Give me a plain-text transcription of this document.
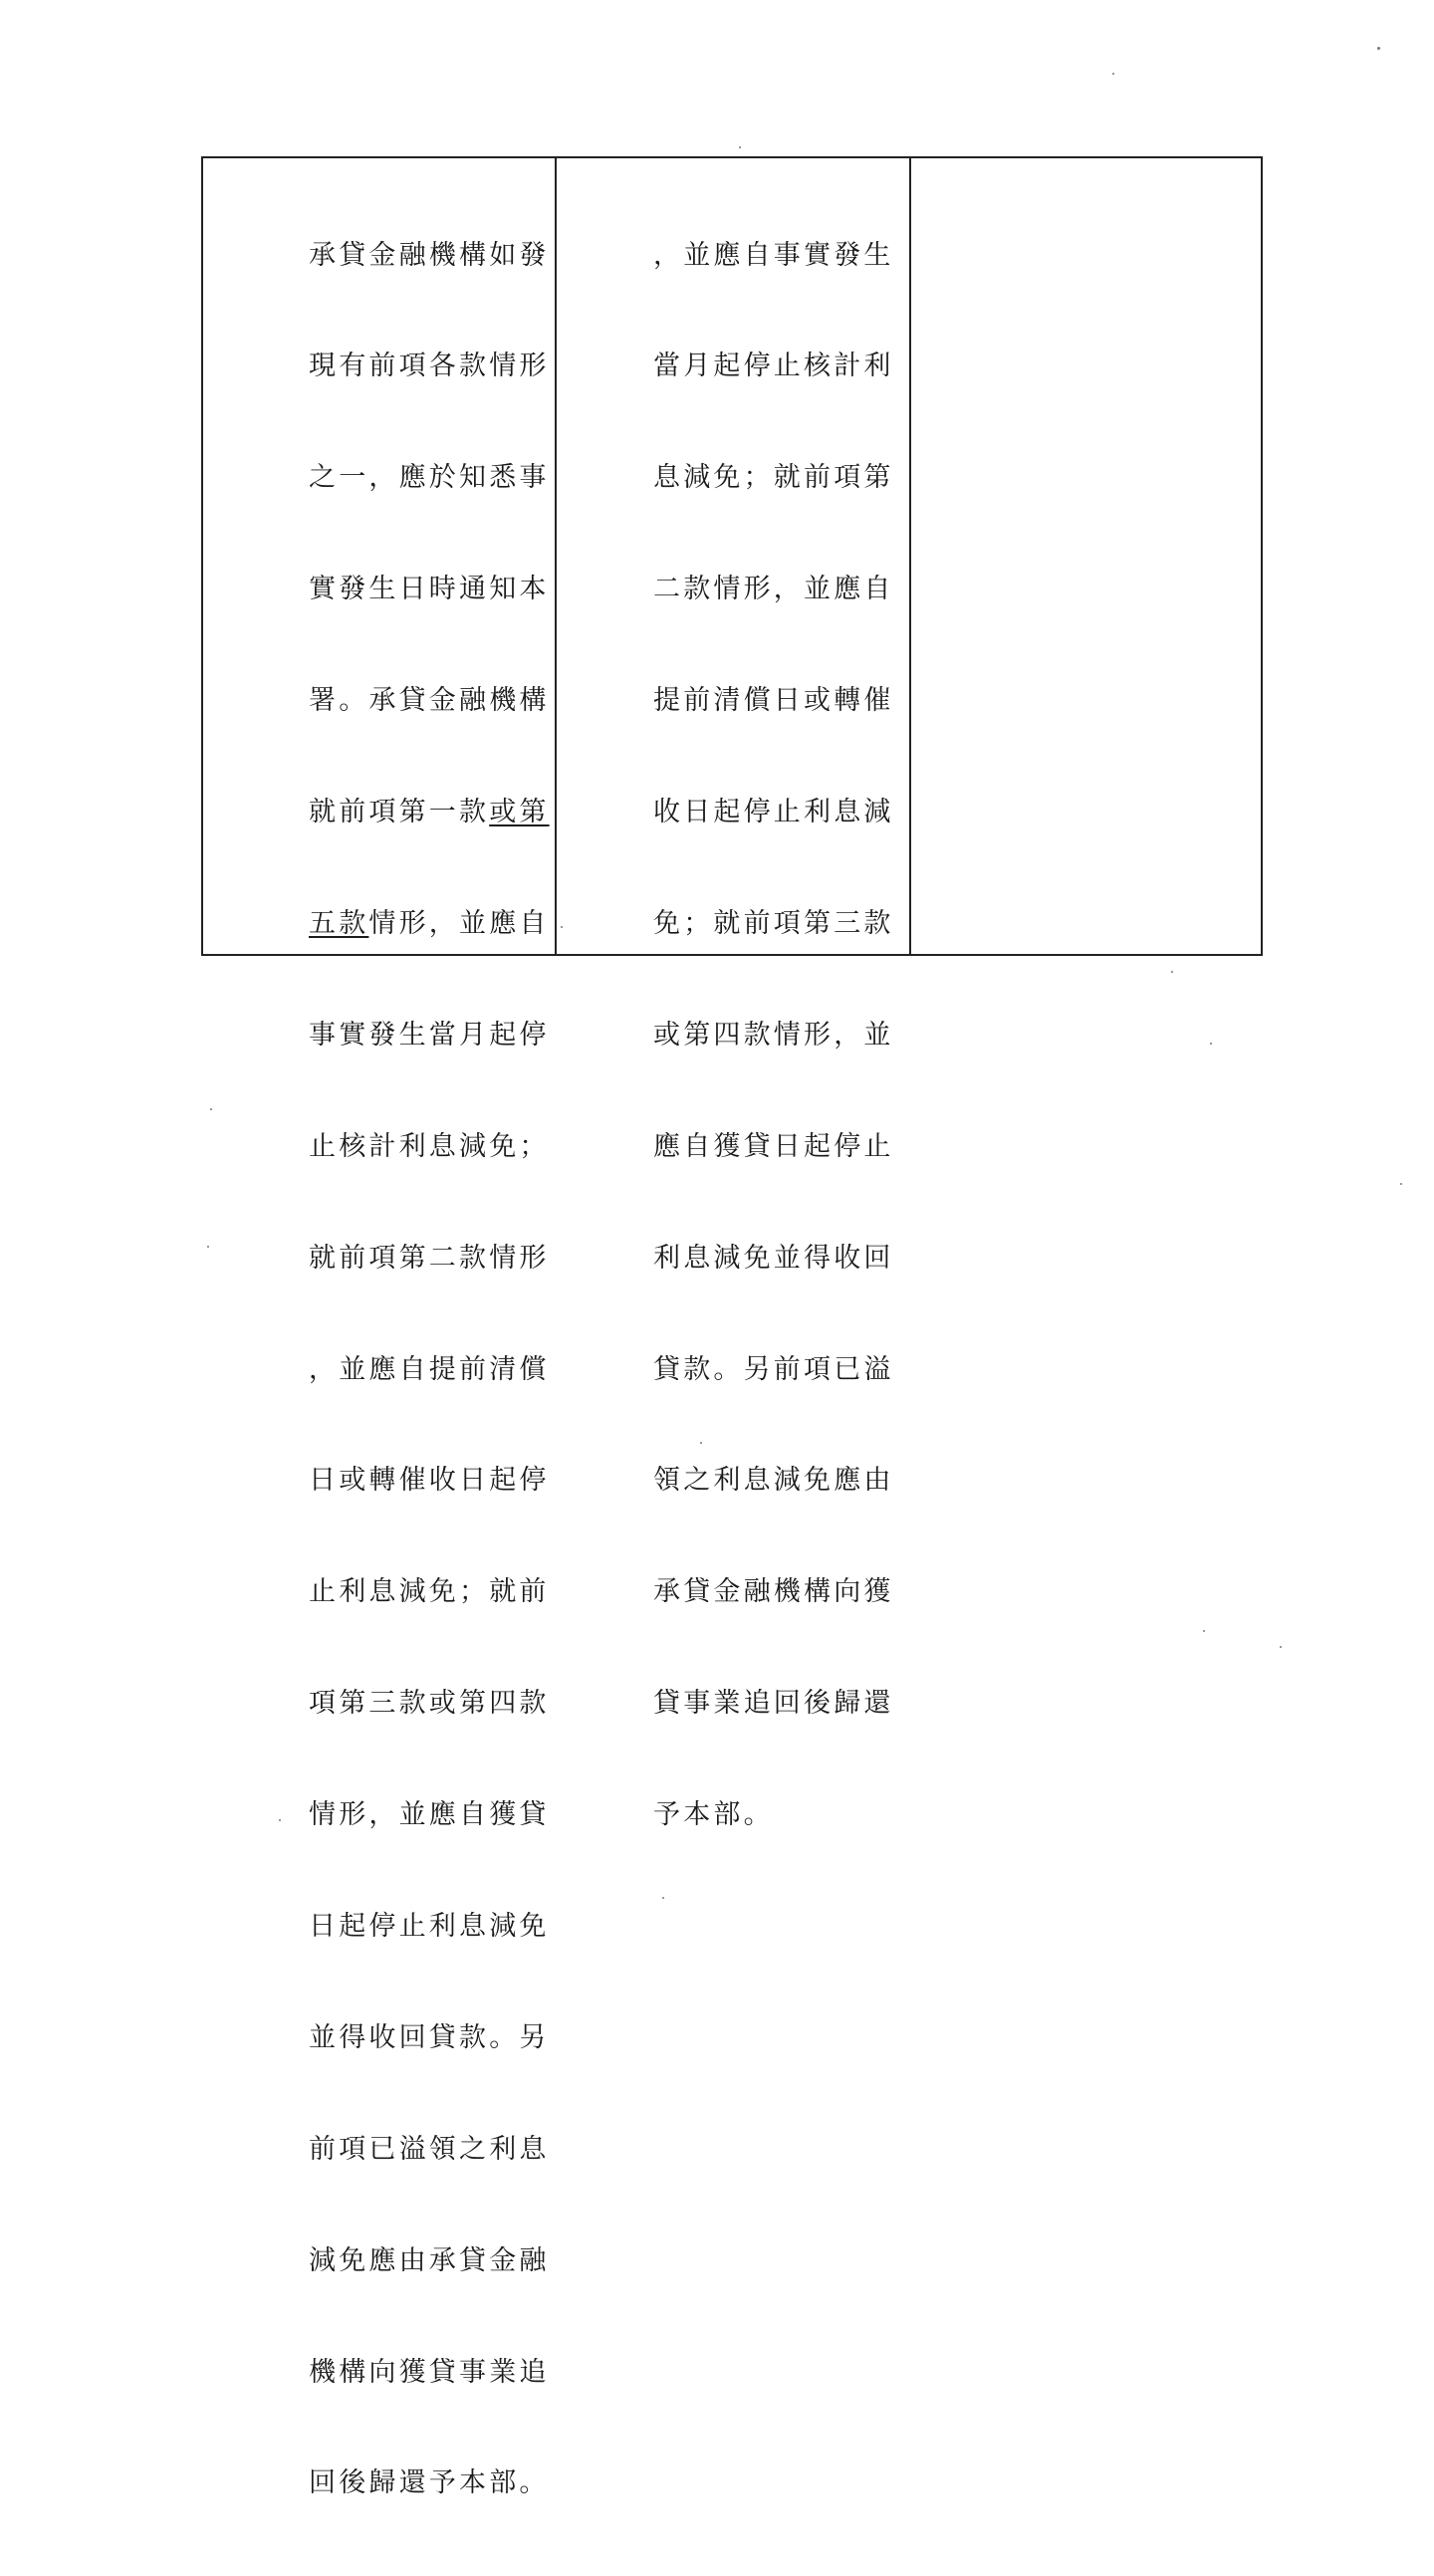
承貸金融機構如發

現有前項各款情形

之一，應於知悉事

實發生日時通知本

署。承貸金融機構

就前項第一款或第

五款情形，並應自

事實發生當月起停

止核計利息減免；

就前項第二款情形

，並應自提前清償

日或轉催收日起停

止利息減免；就前

項第三款或第四款

情形，並應自獲貸

日起停止利息減免

並得收回貸款。另

前項已溢領之利息

減免應由承貸金融

機構向獲貸事業追

回後歸還予本部。

，並應自事實發生

當月起停止核計利

息減免；就前項第

二款情形，並應自

提前清償日或轉催

收日起停止利息減

免；就前項第三款

或第四款情形，並

應自獲貸日起停止

利息減免並得收回

貸款。另前項已溢

領之利息減免應由

承貸金融機構向獲

貸事業追回後歸還

予本部。
